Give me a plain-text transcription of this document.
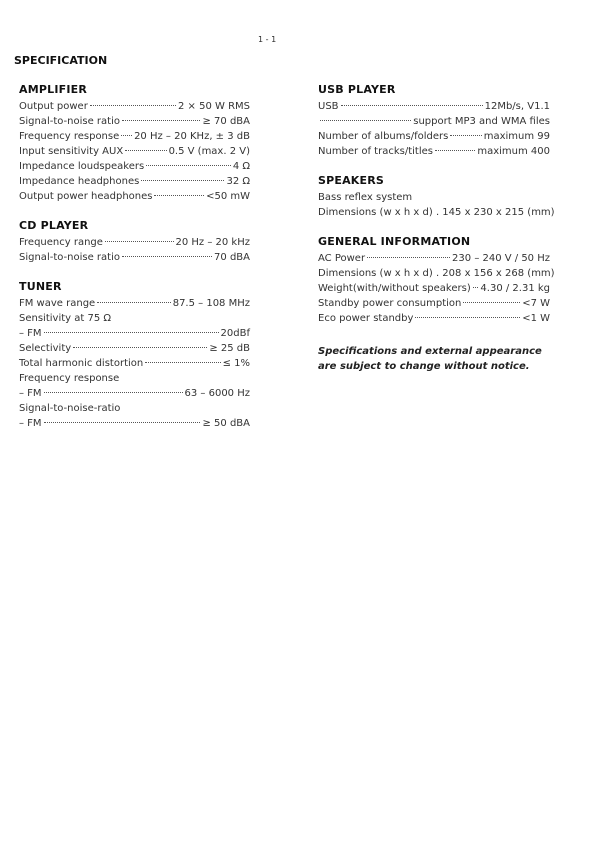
1 - 1
SPECIFICATION
AMPLIFIER
Output power	2 × 50 W RMS
Signal-to-noise ratio	≥ 70 dBA
Frequency response 20 Hz – 20 KHz, ± 3 dB
Input sensitivity AUX	0.5 V (max. 2 V)
Impedance loudspeakers	4 Ω
Impedance headphones	32 Ω
Output power headphones	<50 mW
CD PLAYER
Frequency range	20 Hz – 20 kHz
Signal-to-noise ratio	70 dBA
TUNER
FM wave range	87.5 – 108 MHz
Sensitivity at 75 Ω
– FM	20dBf
Selectivity	≥ 25 dB
Total harmonic distortion	≤ 1%
Frequency response
– FM	63 – 6000 Hz
Signal-to-noise-ratio
– FM	≥ 50 dBA
USB PLAYER
USB	12Mb/s, V1.1
support MP3 and WMA files
Number of albums/folders	maximum 99
Number of tracks/titles	maximum 400
SPEAKERS
Bass reflex system
Dimensions (w x h x d) . 145 x 230 x 215 (mm)
GENERAL INFORMATION
AC Power	230 – 240 V / 50 Hz
Dimensions (w x h x d) . 208 x 156 x 268 (mm)
Weight(with/without speakers) 4.30 / 2.31 kg
Standby power consumption	<7 W
Eco power standby	<1 W
Specifications and external appearance are subject to change without notice.
